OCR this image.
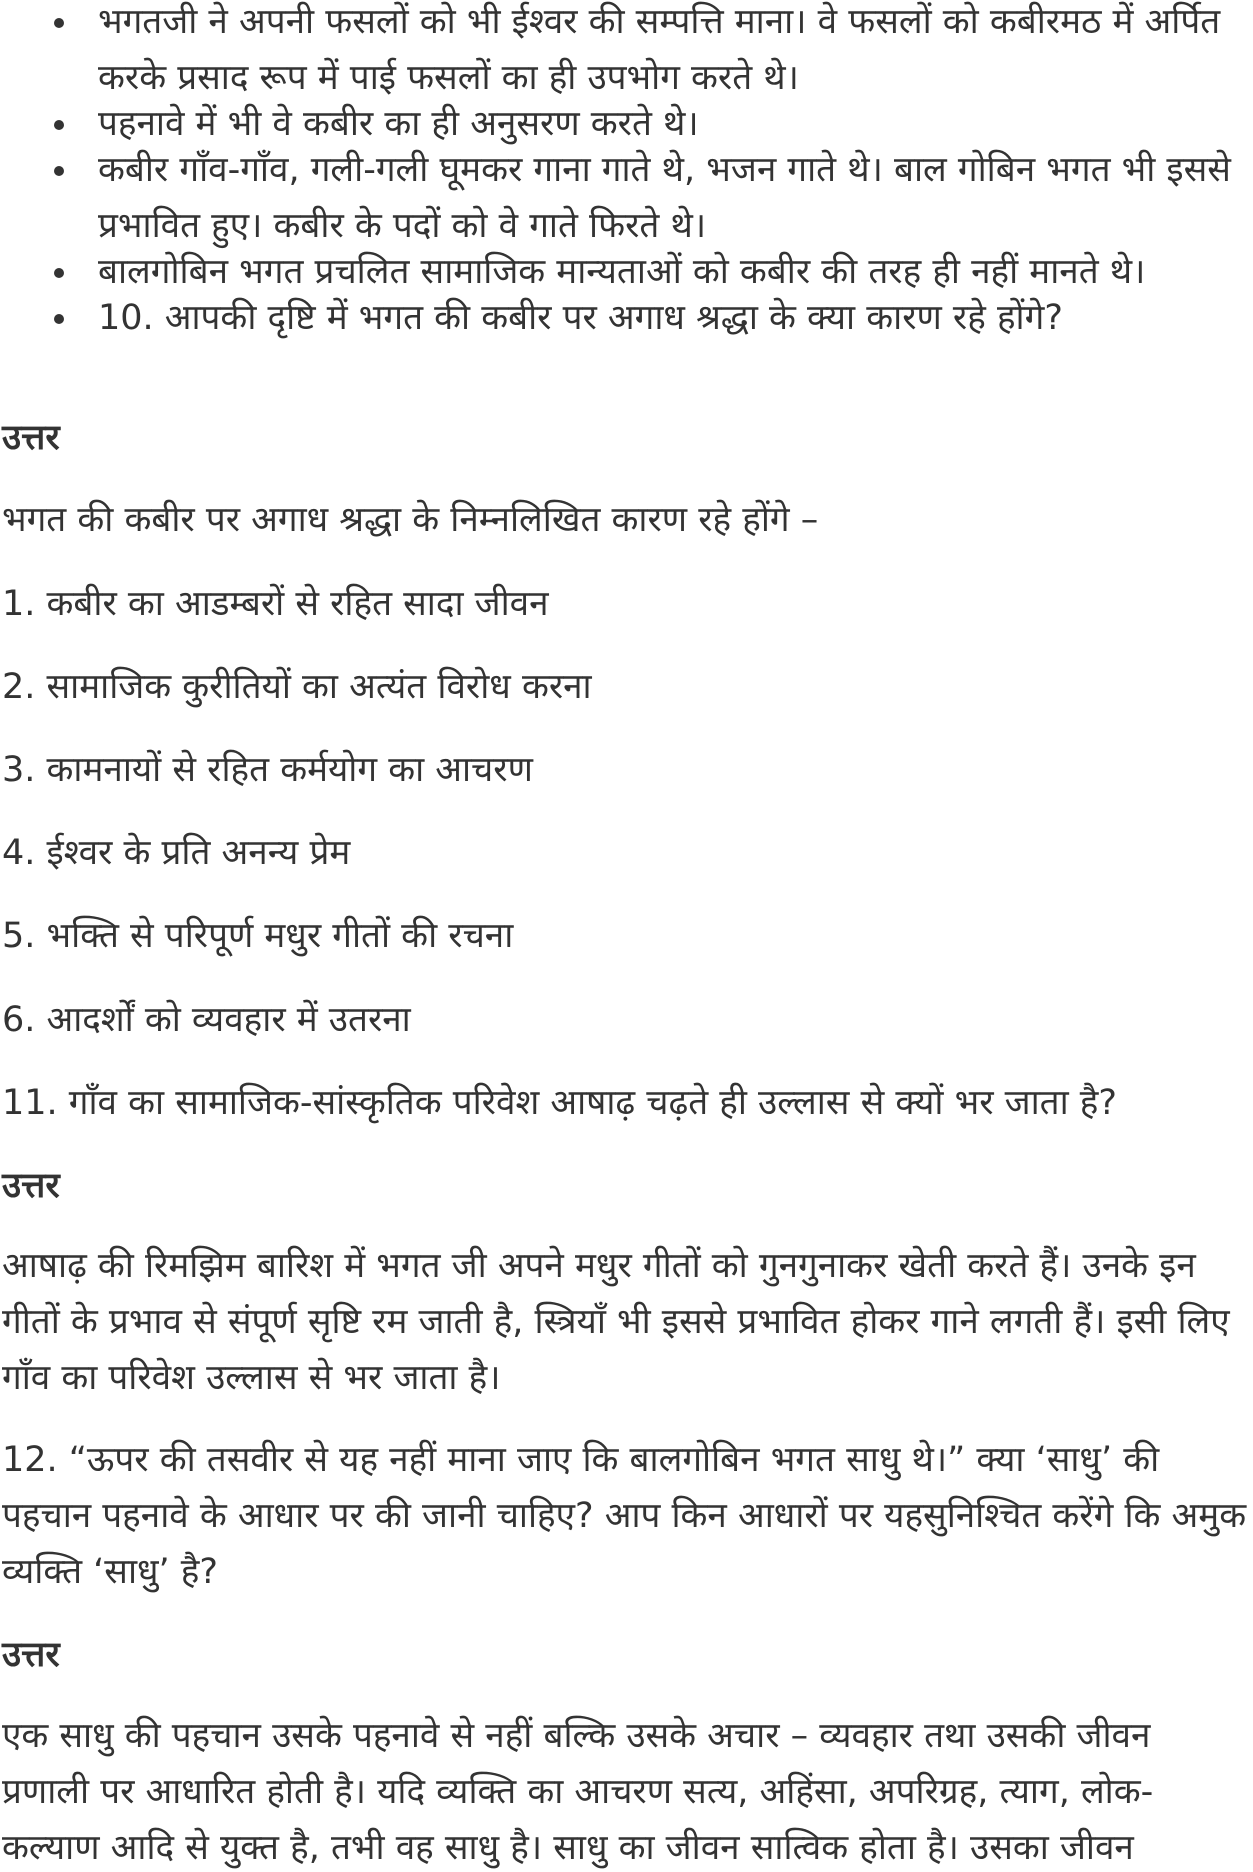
भगतजी ने अपनी फसलों को भी ईश्वर की सम्पत्ति माना। वे फसलों को कबीरमठ में अर्पित करके प्रसाद रूप में पाई फसलों का ही उपभोग करते थे।
पहनावे में भी वे कबीर का ही अनुसरण करते थे।
कबीर गाँव-गाँव, गली-गली घूमकर गाना गाते थे, भजन गाते थे। बाल गोबिन भगत भी इससे प्रभावित हुए। कबीर के पदों को वे गाते फिरते थे।
बालगोबिन भगत प्रचलित सामाजिक मान्यताओं को कबीर की तरह ही नहीं मानते थे।
10. आपकी दृष्टि में भगत की कबीर पर अगाध श्रद्धा के क्या कारण रहे होंगे?
उत्तर
भगत की कबीर पर अगाध श्रद्धा के निम्नलिखित कारण रहे होंगे –
1. कबीर का आडम्बरों से रहित सादा जीवन
2. सामाजिक कुरीतियों का अत्यंत विरोध करना
3. कामनायों से रहित कर्मयोग का आचरण
4. ईश्वर के प्रति अनन्य प्रेम
5. भक्ति से परिपूर्ण मधुर गीतों की रचना
6. आदर्शों को व्यवहार में उतरना
11. गाँव का सामाजिक-सांस्कृतिक परिवेश आषाढ़ चढ़ते ही उल्लास से क्यों भर जाता है?
उत्तर
आषाढ़ की रिमझिम बारिश में भगत जी अपने मधुर गीतों को गुनगुनाकर खेती करते हैं। उनके इन गीतों के प्रभाव से संपूर्ण सृष्टि रम जाती है, स्त्रियाँ भी इससे प्रभावित होकर गाने लगती हैं। इसी लिए गाँव का परिवेश उल्लास से भर जाता है।
12. “ऊपर की तसवीर से यह नहीं माना जाए कि बालगोबिन भगत साधु थे।” क्या ‘साधु’ की पहचान पहनावे के आधार पर की जानी चाहिए? आप किन आधारों पर यहसुनिश्चित करेंगे कि अमुक व्यक्ति ‘साधु’ है?
उत्तर
एक साधु की पहचान उसके पहनावे से नहीं बल्कि उसके अचार – व्यवहार तथा उसकी जीवन प्रणाली पर आधारित होती है। यदि व्यक्ति का आचरण सत्य, अहिंसा, अपरिग्रह, त्याग, लोक-कल्याण आदि से युक्त है, तभी वह साधु है। साधु का जीवन सात्विक होता है। उसका जीवन
